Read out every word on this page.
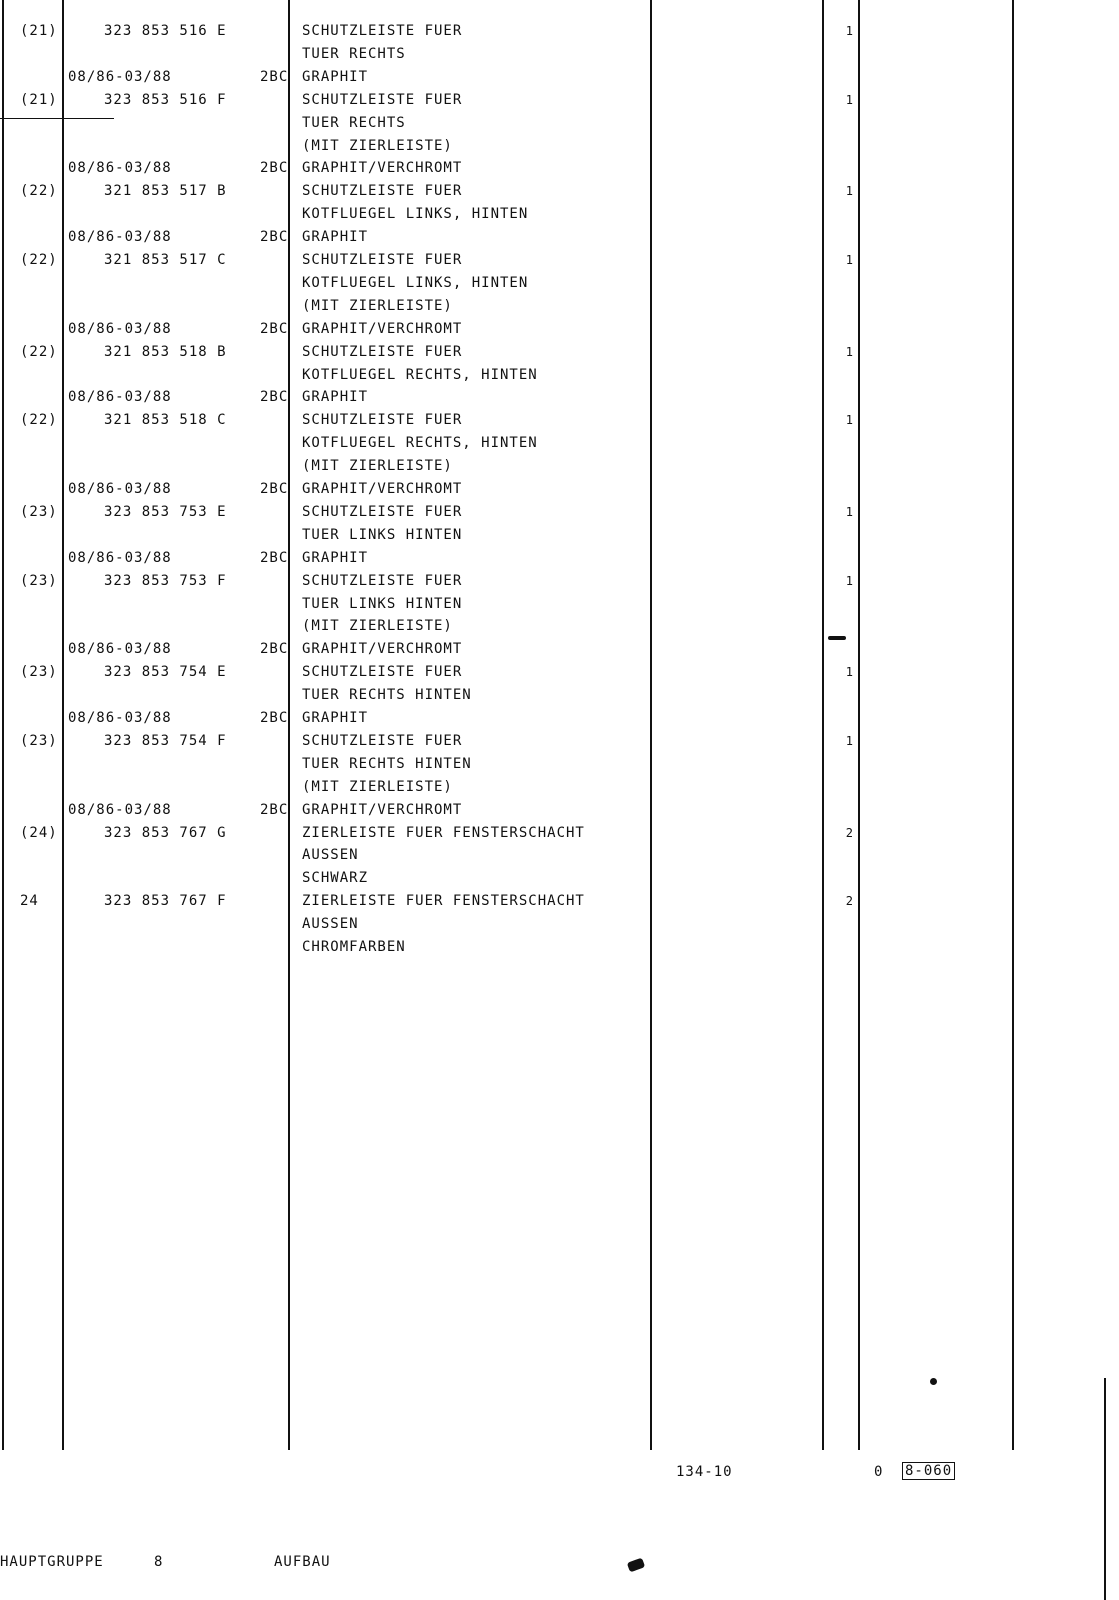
(21)	323 853 516 E	SCHUTZLEISTE FUER	1
TUER RECHTS
08/86-03/88	2BC GRAPHIT
(21)	323 853 516 F	SCHUTZLEISTE FUER	1
TUER RECHTS
(MIT ZIERLEISTE)
08/86-03/88	2BC GRAPHIT/VERCHROMT
(22)	321 853 517 B	SCHUTZLEISTE FUER	1
KOTFLUEGEL LINKS, HINTEN
08/86-03/88	2BC GRAPHIT
(22)	321 853 517 C	SCHUTZLEISTE FUER	1
KOTFLUEGEL LINKS, HINTEN
(MIT ZIERLEISTE)
08/86-03/88	2BC GRAPHIT/VERCHROMT
(22)	321 853 518 B	SCHUTZLEISTE FUER	1
KOTFLUEGEL RECHTS, HINTEN
08/86-03/88	2BC GRAPHIT
(22)	321 853 518 C	SCHUTZLEISTE FUER	1
KOTFLUEGEL RECHTS, HINTEN
(MIT ZIERLEISTE)
08/86-03/88	2BC GRAPHIT/VERCHROMT
(23)	323 853 753 E	SCHUTZLEISTE FUER	1
TUER LINKS HINTEN
08/86-03/88	2BC GRAPHIT
(23)	323 853 753 F	SCHUTZLEISTE FUER	1
TUER LINKS HINTEN
(MIT ZIERLEISTE)
08/86-03/88	2BC GRAPHIT/VERCHROMT
(23)	323 853 754 E	SCHUTZLEISTE FUER	1
TUER RECHTS HINTEN
08/86-03/88	2BC GRAPHIT
(23)	323 853 754 F	SCHUTZLEISTE FUER	1
TUER RECHTS HINTEN
(MIT ZIERLEISTE)
08/86-03/88	2BC GRAPHIT/VERCHROMT
(24)	323 853 767 G	ZIERLEISTE FUER FENSTERSCHACHT	2
AUSSEN
SCHWARZ
24	323 853 767 F	ZIERLEISTE FUER FENSTERSCHACHT	2
AUSSEN
CHROMFARBEN
134-10	0 8-060
HAUPTGRUPPE	8	AUFBAU
